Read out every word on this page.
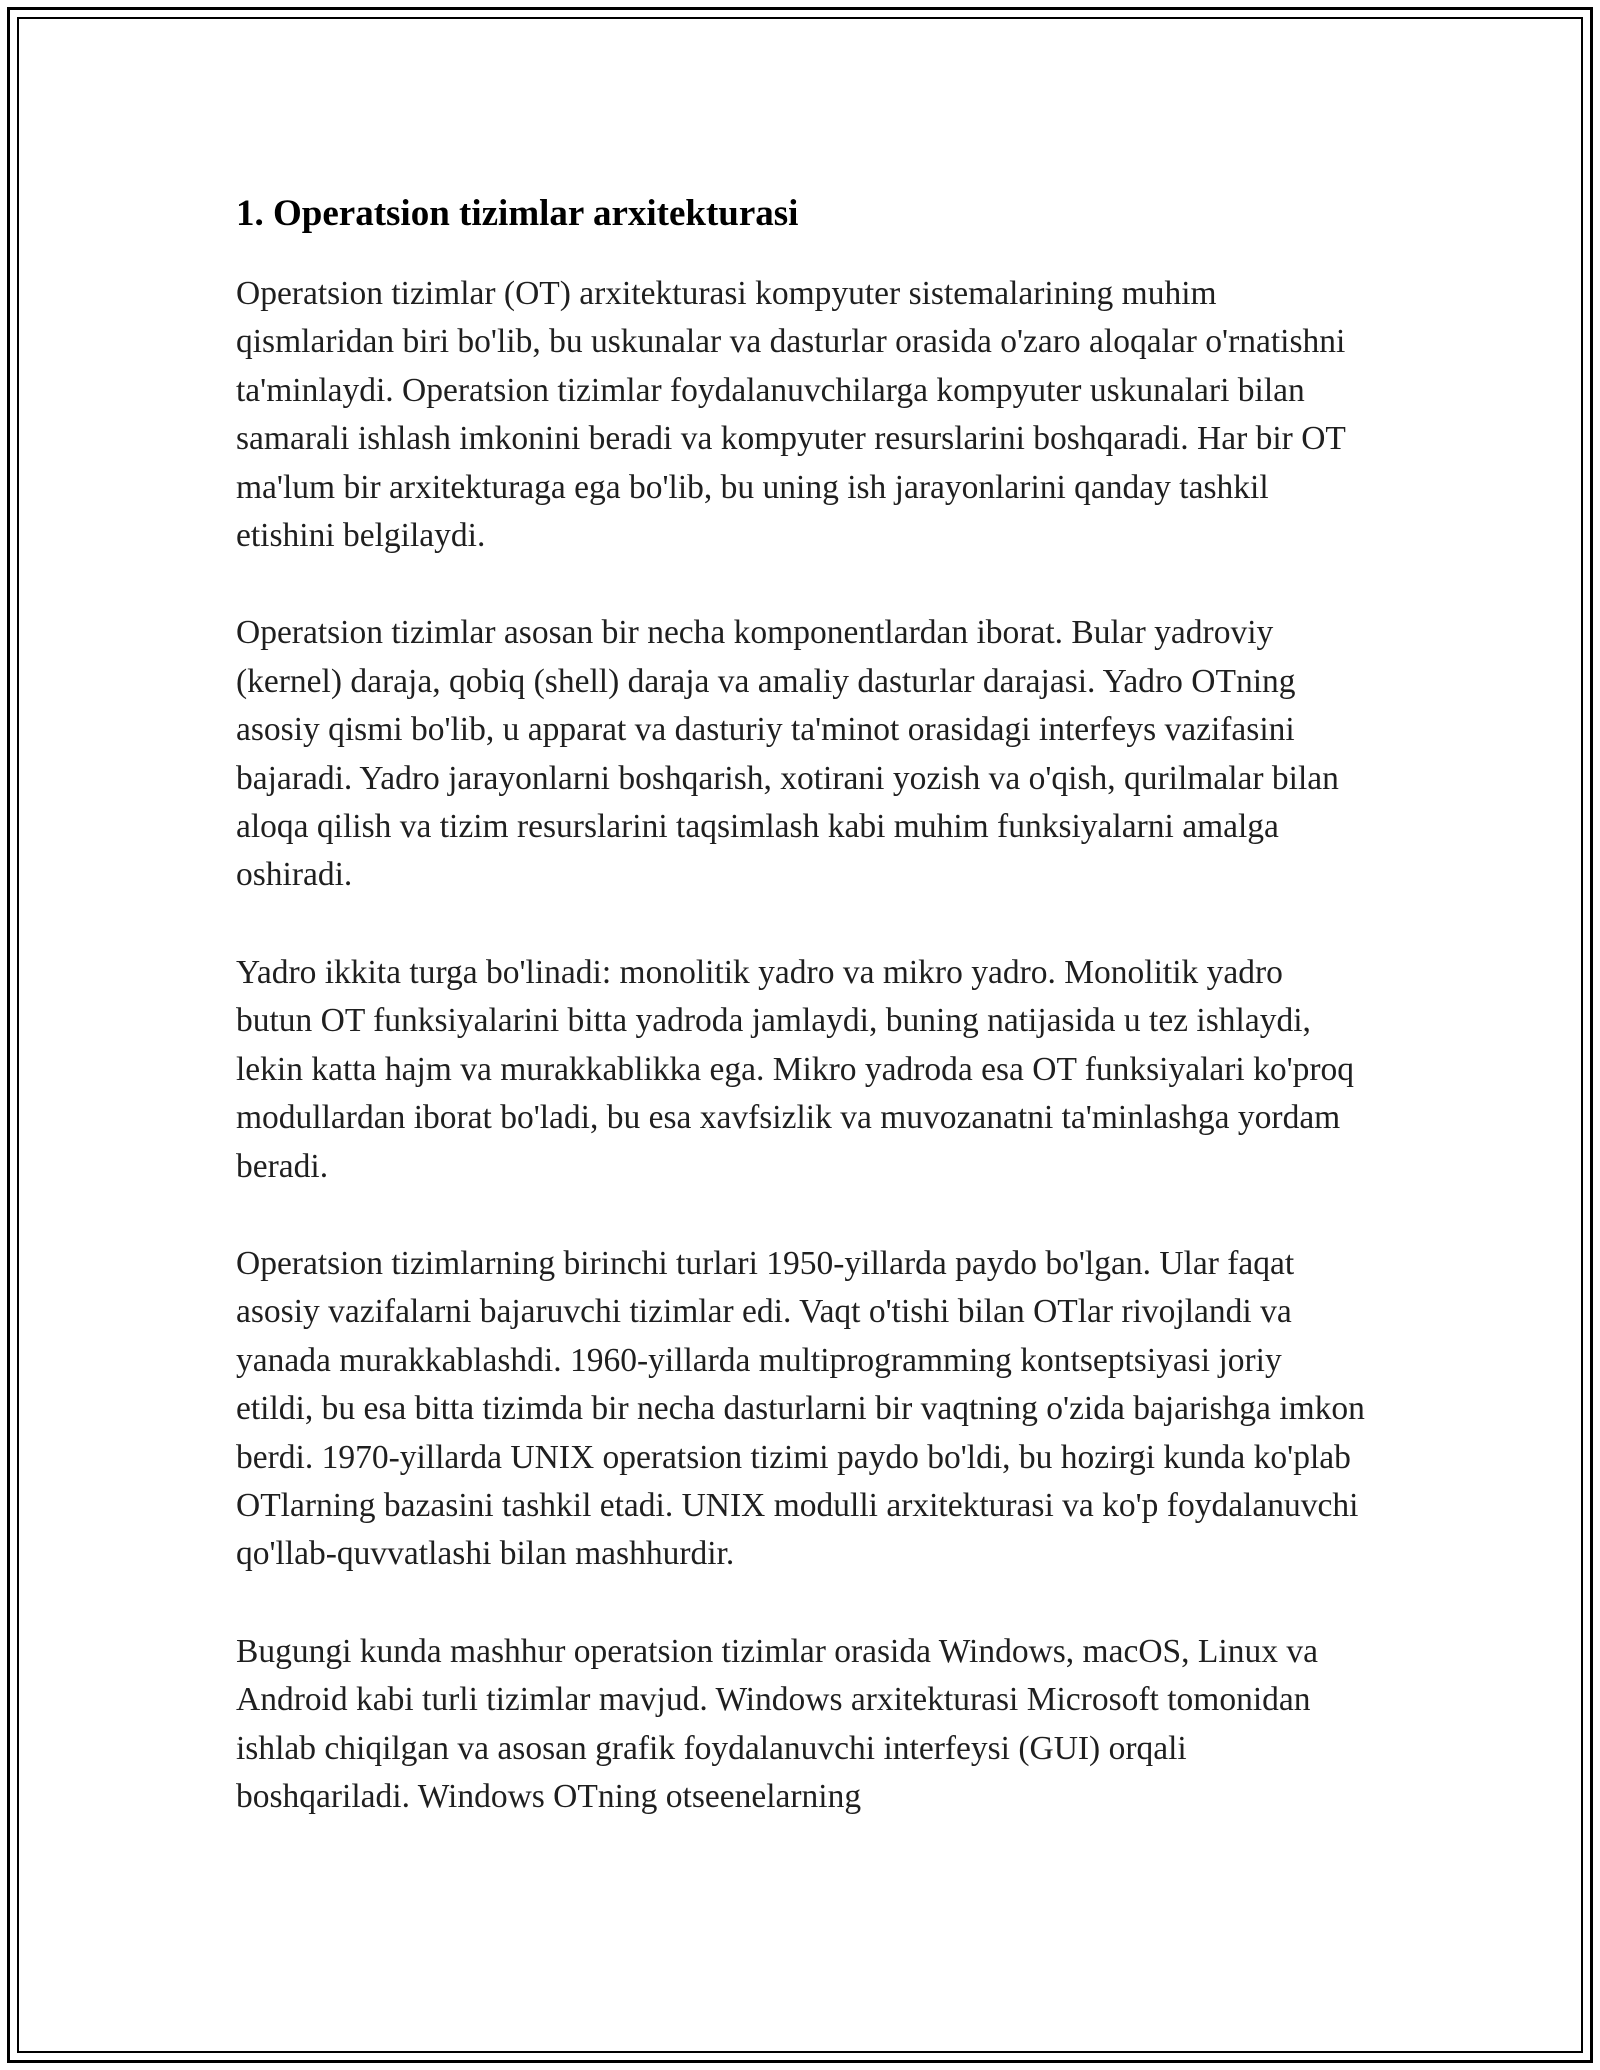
1. Operatsion tizimlar arxitekturasi

Operatsion tizimlar (OT) arxitekturasi kompyuter sistemalarining muhim qismlaridan biri bo'lib, bu uskunalar va dasturlar orasida o'zaro aloqalar o'rnatishni ta'minlaydi. Operatsion tizimlar foydalanuvchilarga kompyuter uskunalari bilan samarali ishlash imkonini beradi va kompyuter resurslarini boshqaradi. Har bir OT ma'lum bir arxitekturaga ega bo'lib, bu uning ish jarayonlarini qanday tashkil etishini belgilaydi.

Operatsion tizimlar asosan bir necha komponentlardan iborat. Bular yadroviy (kernel) daraja, qobiq (shell) daraja va amaliy dasturlar darajasi. Yadro OTning asosiy qismi bo'lib, u apparat va dasturiy ta'minot orasidagi interfeys vazifasini bajaradi. Yadro jarayonlarni boshqarish, xotirani yozish va o'qish, qurilmalar bilan aloqa qilish va tizim resurslarini taqsimlash kabi muhim funksiyalarni amalga oshiradi.

Yadro ikkita turga bo'linadi: monolitik yadro va mikro yadro. Monolitik yadro butun OT funksiyalarini bitta yadroda jamlaydi, buning natijasida u tez ishlaydi, lekin katta hajm va murakkablikka ega. Mikro yadroda esa OT funksiyalari ko'proq modullardan iborat bo'ladi, bu esa xavfsizlik va muvozanatni ta'minlashga yordam beradi.

Operatsion tizimlarning birinchi turlari 1950-yillarda paydo bo'lgan. Ular faqat asosiy vazifalarni bajaruvchi tizimlar edi. Vaqt o'tishi bilan OTlar rivojlandi va yanada murakkablashdi. 1960-yillarda multiprogramming kontseptsiyasi joriy etildi, bu esa bitta tizimda bir necha dasturlarni bir vaqtning o'zida bajarishga imkon berdi. 1970-yillarda UNIX operatsion tizimi paydo bo'ldi, bu hozirgi kunda ko'plab OTlarning bazasini tashkil etadi. UNIX modulli arxitekturasi va ko'p foydalanuvchi qo'llab-quvvatlashi bilan mashhurdir.

Bugungi kunda mashhur operatsion tizimlar orasida Windows, macOS, Linux va Android kabi turli tizimlar mavjud. Windows arxitekturasi Microsoft tomonidan ishlab chiqilgan va asosan grafik foydalanuvchi interfeysi (GUI) orqali boshqariladi. Windows OTning otseenelarning
